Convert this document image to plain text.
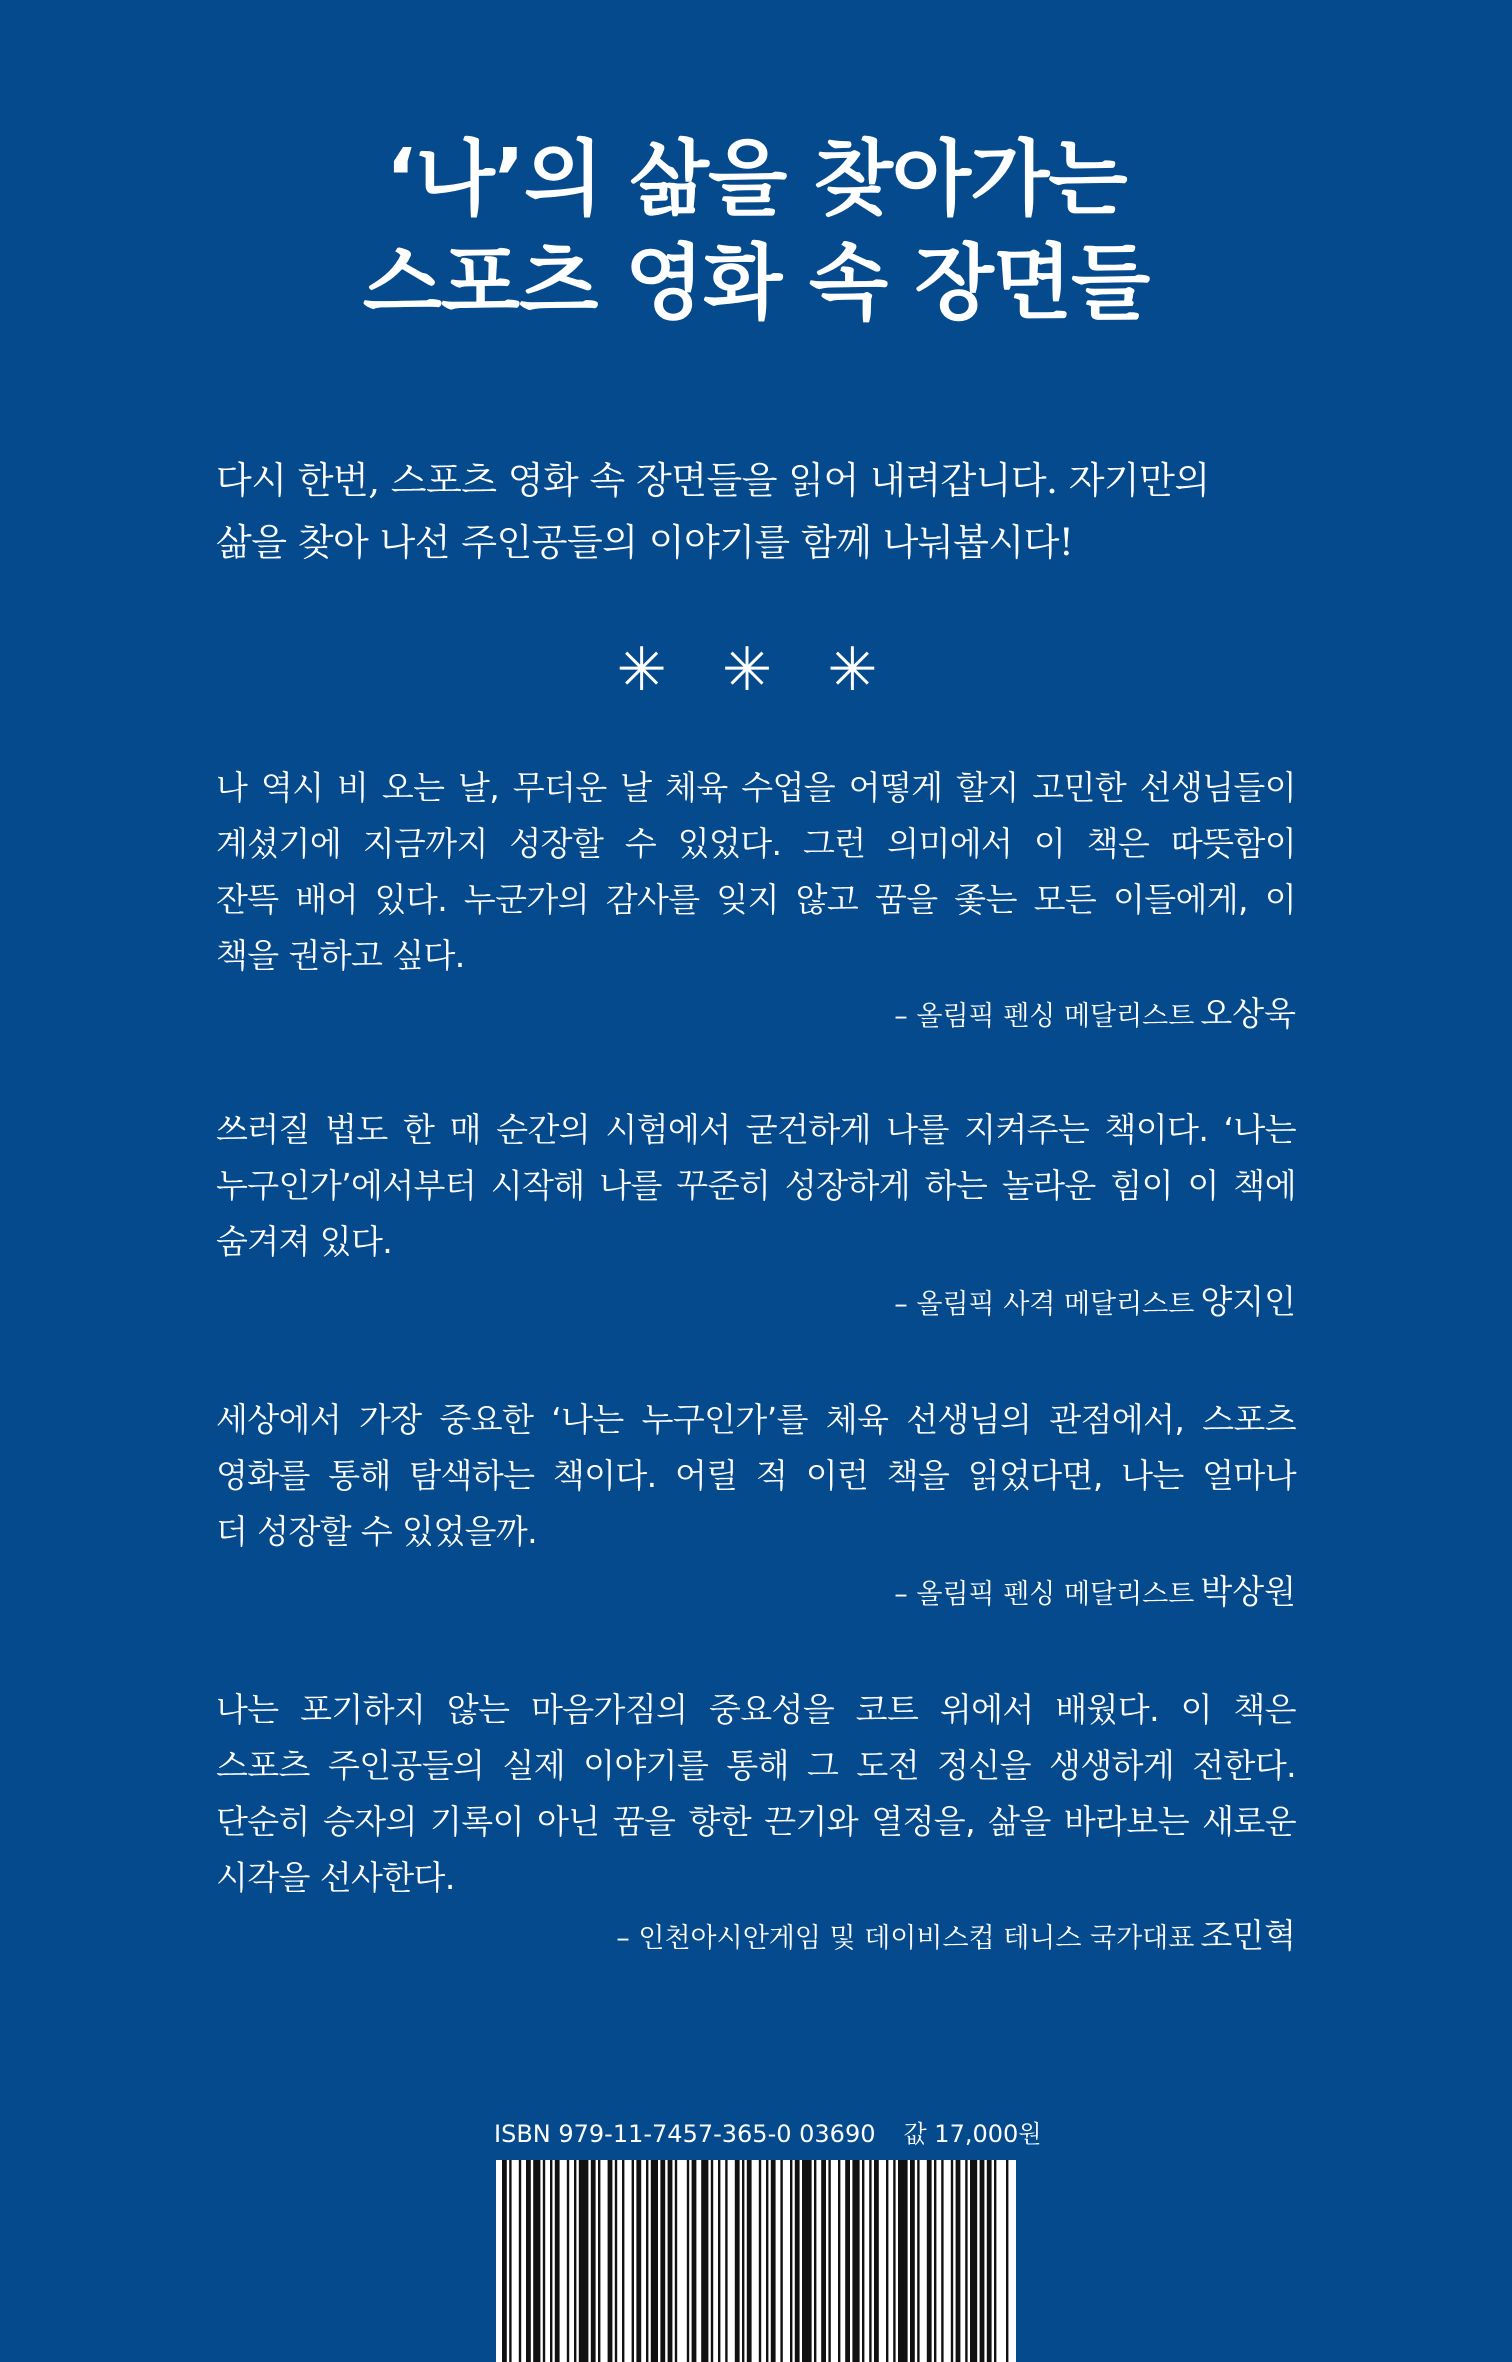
‘나’의 삶을 찾아가는
스포츠 영화 속 장면들
다시 한번, 스포츠 영화 속 장면들을 읽어 내려갑니다. 자기만의
삶을 찾아 나선 주인공들의 이야기를 함께 나눠봅시다!
✳ ✳ ✳
나 역시 비 오는 날, 무더운 날 체육 수업을 어떻게 할지 고민한 선생님들이
계셨기에 지금까지 성장할 수 있었다. 그런 의미에서 이 책은 따뜻함이
잔뜩 배어 있다. 누군가의 감사를 잊지 않고 꿈을 좇는 모든 이들에게, 이
책을 권하고 싶다.
– 올림픽 펜싱 메달리스트 오상욱
쓰러질 법도 한 매 순간의 시험에서 굳건하게 나를 지켜주는 책이다. ‘나는
누구인가’에서부터 시작해 나를 꾸준히 성장하게 하는 놀라운 힘이 이 책에
숨겨져 있다.
– 올림픽 사격 메달리스트 양지인
세상에서 가장 중요한 ‘나는 누구인가’를 체육 선생님의 관점에서, 스포츠
영화를 통해 탐색하는 책이다. 어릴 적 이런 책을 읽었다면, 나는 얼마나
더 성장할 수 있었을까.
– 올림픽 펜싱 메달리스트 박상원
나는 포기하지 않는 마음가짐의 중요성을 코트 위에서 배웠다. 이 책은
스포츠 주인공들의 실제 이야기를 통해 그 도전 정신을 생생하게 전한다.
단순히 승자의 기록이 아닌 꿈을 향한 끈기와 열정을, 삶을 바라보는 새로운
시각을 선사한다.
– 인천아시안게임 및 데이비스컵 테니스 국가대표 조민혁
ISBN 979-11-7457-365-0 03690 값 17,000원
